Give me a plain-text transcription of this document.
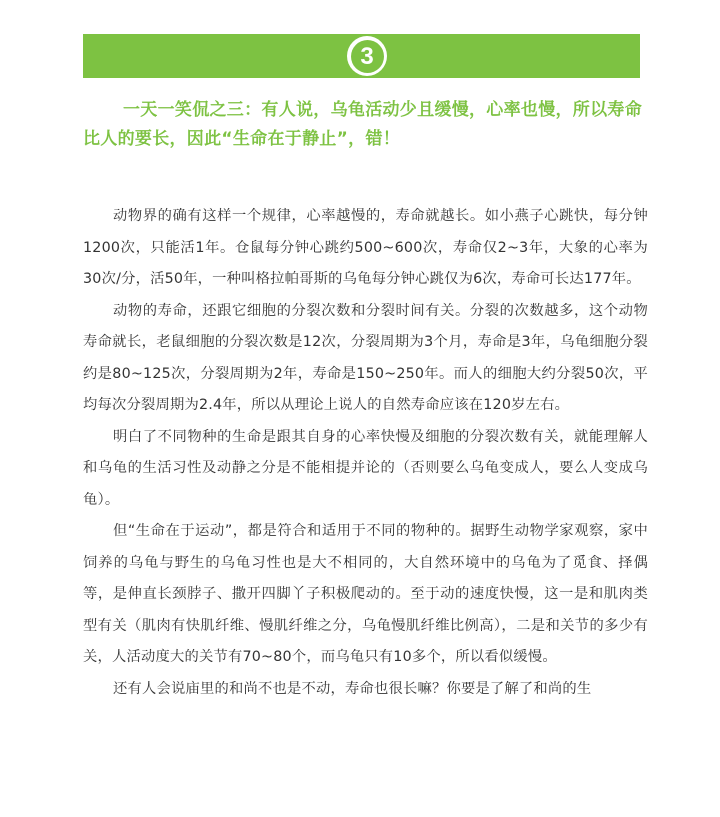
3
一天一笑侃之三：有人说，乌龟活动少且缓慢，心率也慢，所以寿命比人的要长，因此“生命在于静止”，错！

动物界的确有这样一个规律，心率越慢的，寿命就越长。如小燕子心跳快，每分钟1200次，只能活1年。仓鼠每分钟心跳约500~600次，寿命仅2~3年，大象的心率为30次/分，活50年，一种叫格拉帕哥斯的乌龟每分钟心跳仅为6次，寿命可长达177年。

动物的寿命，还跟它细胞的分裂次数和分裂时间有关。分裂的次数越多，这个动物寿命就长，老鼠细胞的分裂次数是12次，分裂周期为3个月，寿命是3年，乌龟细胞分裂约是80~125次，分裂周期为2年，寿命是150~250年。而人的细胞大约分裂50次，平均每次分裂周期为2.4年，所以从理论上说人的自然寿命应该在120岁左右。

明白了不同物种的生命是跟其自身的心率快慢及细胞的分裂次数有关，就能理解人和乌龟的生活习性及动静之分是不能相提并论的（否则要么乌龟变成人，要么人变成乌龟）。

但“生命在于运动”，都是符合和适用于不同的物种的。据野生动物学家观察，家中饲养的乌龟与野生的乌龟习性也是大不相同的，大自然环境中的乌龟为了觅食、择偶等，是伸直长颈脖子、撒开四脚丫子积极爬动的。至于动的速度快慢，这一是和肌肉类型有关（肌肉有快肌纤维、慢肌纤维之分，乌龟慢肌纤维比例高），二是和关节的多少有关，人活动度大的关节有70~80个，而乌龟只有10多个，所以看似缓慢。

还有人会说庙里的和尚不也是不动，寿命也很长嘛？你要是了解了和尚的生
